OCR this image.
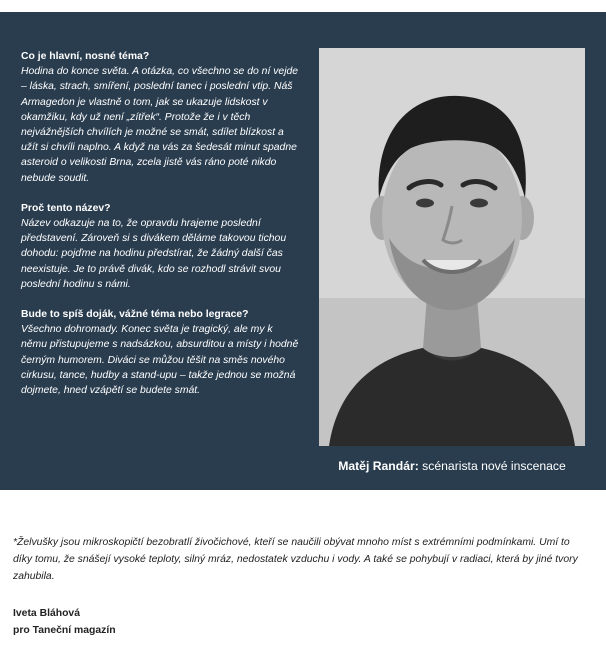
Co je hlavní, nosné téma?
Hodina do konce světa. A otázka, co všechno se do ní vejde – láska, strach, smíření, poslední tanec i poslední vtip. Náš Armagedon je vlastně o tom, jak se ukazuje lidskost v okamžiku, kdy už není „zítřek“. Protože že i v těch nejvážnějších chvílích je možné se smát, sdílet blízkost a užít si chvíli naplno. A když na vás za šedesát minut spadne asteroid o velikosti Brna, zcela jistě vás ráno poté nikdo nebude soudit.
Proč tento název?
Název odkazuje na to, že opravdu hrajeme poslední představení. Zároveň si s divákem děláme takovou tichou dohodu: pojďme na hodinu předstírat, že žádný další čas neexistuje. Je to právě divák, kdo se rozhodl strávit svou poslední hodinu s námi.
Bude to spíš doják, vážné téma nebo legrace?
Všechno dohromady. Konec světa je tragický, ale my k němu přistupujeme s nadsázkou, absurditou a místy i hodně černým humorem. Diváci se můžou těšit na směs nového cirkusu, tance, hudby a stand-upu – takže jednou se možná dojmete, hned vzápětí se budete smát.
Matěj Randár: scénarista nové inscenace
*Želvušky jsou mikroskopičtí bezobratlí živočichové, kteří se naučili obývat mnoho míst s extrémními podmínkami. Umí to díky tomu, že snášejí vysoké teploty, silný mráz, nedostatek vzduchu i vody. A také se pohybují v radiaci, která by jiné tvory zahubila.
Iveta Bláhová
pro Taneční magazín
